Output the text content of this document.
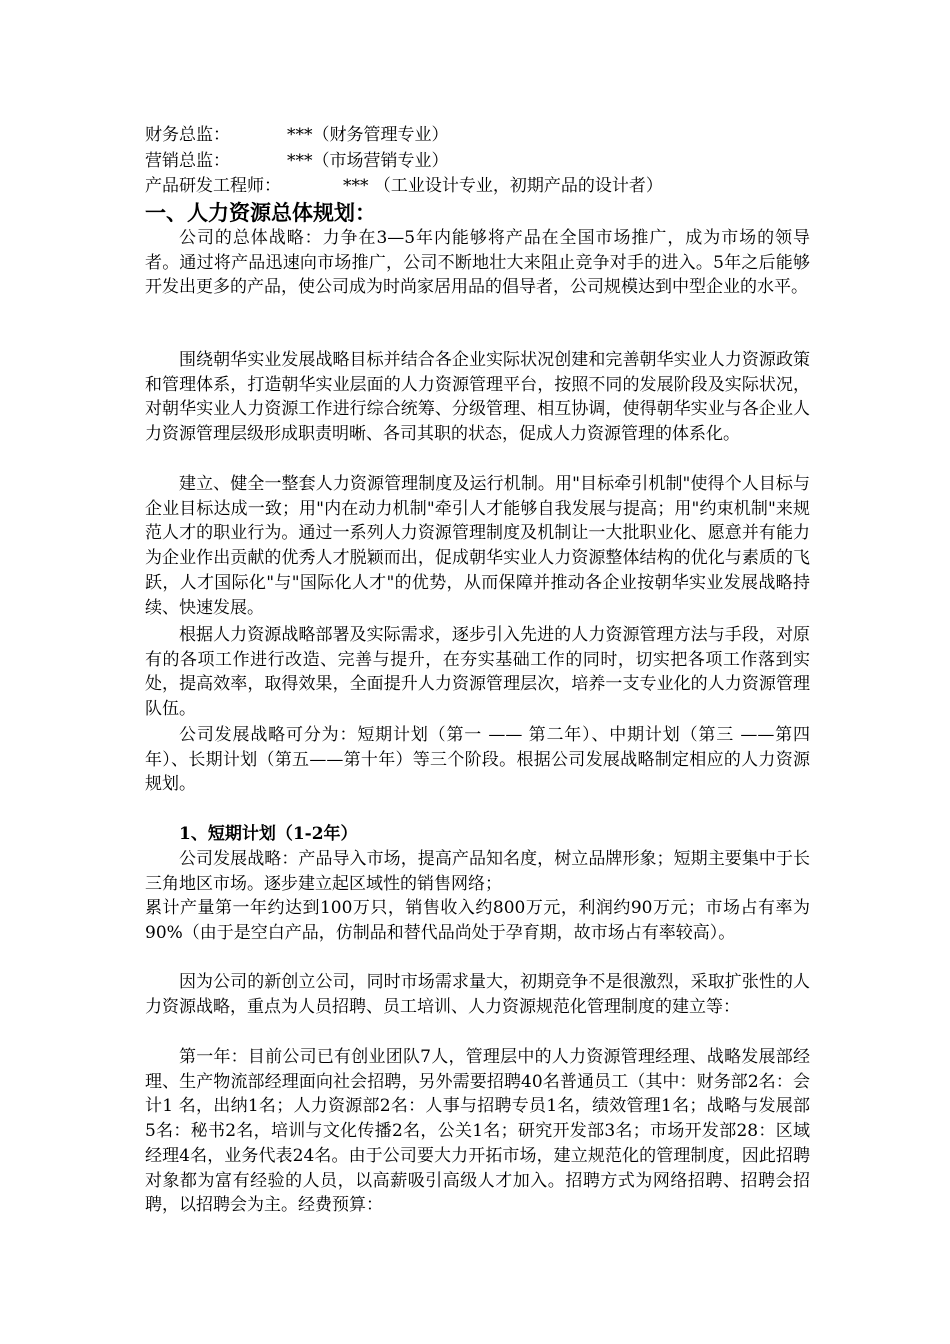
财务总监：	***（财务管理专业）
营销总监：	***（市场营销专业）
产品研发工程师：	*** （工业设计专业，初期产品的设计者）
一、人力资源总体规划：
公司的总体战略：力争在3—5年内能够将产品在全国市场推广，成为市场的领导者。通过将产品迅速向市场推广，公司不断地壮大来阻止竞争对手的进入。5年之后能够开发出更多的产品，使公司成为时尚家居用品的倡导者，公司规模达到中型企业的水平。
围绕朝华实业发展战略目标并结合各企业实际状况创建和完善朝华实业人力资源政策和管理体系，打造朝华实业层面的人力资源管理平台，按照不同的发展阶段及实际状况，对朝华实业人力资源工作进行综合统筹、分级管理、相互协调，使得朝华实业与各企业人力资源管理层级形成职责明晰、各司其职的状态，促成人力资源管理的体系化。
建立、健全一整套人力资源管理制度及运行机制。用"目标牵引机制"使得个人目标与企业目标达成一致；用"内在动力机制"牵引人才能够自我发展与提高；用"约束机制"来规范人才的职业行为。通过一系列人力资源管理制度及机制让一大批职业化、愿意并有能力为企业作出贡献的优秀人才脱颖而出，促成朝华实业人力资源整体结构的优化与素质的飞跃，人才国际化"与"国际化人才"的优势，从而保障并推动各企业按朝华实业发展战略持续、快速发展。
根据人力资源战略部署及实际需求，逐步引入先进的人力资源管理方法与手段，对原有的各项工作进行改造、完善与提升，在夯实基础工作的同时，切实把各项工作落到实处，提高效率，取得效果，全面提升人力资源管理层次，培养一支专业化的人力资源管理队伍。
公司发展战略可分为：短期计划（第一 —— 第二年）、中期计划（第三 ——第四年）、长期计划（第五——第十年）等三个阶段。根据公司发展战略制定相应的人力资源规划。
1、短期计划（1-2年）
公司发展战略：产品导入市场，提高产品知名度，树立品牌形象；短期主要集中于长三角地区市场。逐步建立起区域性的销售网络；
累计产量第一年约达到100万只，销售收入约800万元，利润约90万元；市场占有率为90%（由于是空白产品，仿制品和替代品尚处于孕育期，故市场占有率较高）。
因为公司的新创立公司，同时市场需求量大，初期竞争不是很激烈，采取扩张性的人力资源战略，重点为人员招聘、员工培训、人力资源规范化管理制度的建立等：
第一年：目前公司已有创业团队7人，管理层中的人力资源管理经理、战略发展部经理、生产物流部经理面向社会招聘，另外需要招聘40名普通员工（其中：财务部2名：会计1 名，出纳1名；人力资源部2名：人事与招聘专员1名，绩效管理1名；战略与发展部5名：秘书2名，培训与文化传播2名，公关1名；研究开发部3名；市场开发部28：区域经理4名，业务代表24名。由于公司要大力开拓市场，建立规范化的管理制度，因此招聘对象都为富有经验的人员，以高薪吸引高级人才加入。招聘方式为网络招聘、招聘会招聘，以招聘会为主。经费预算：
